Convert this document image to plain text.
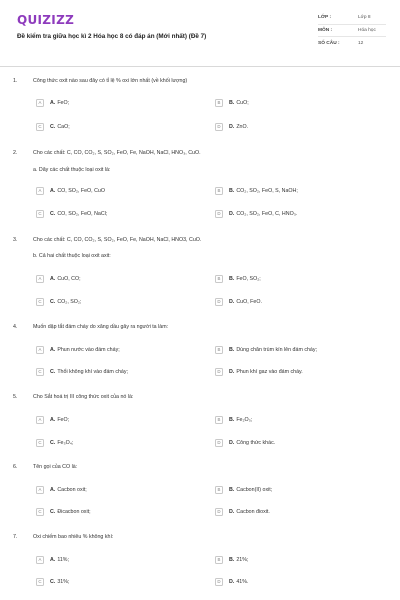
QUIZIZZ
Đề kiểm tra giữa học kì 2 Hóa học 8 có đáp án (Mới nhất) (Đề 7)
LỚP :	Lớp 8
MÔN :	Hóa học
SỐ CÂU :	12
1.	Công thức oxit nào sau đây có tỉ lệ % oxi lớn nhất (về khối lượng)
A	A. FeO;	B	B. CuO;
C	C. CaO;	D	D. ZnO.
2.	Cho các chất: C, CO, CO₂, S, SO₂, FeO, Fe, NaOH, NaCl, HNO₃, CuO.
a. Dãy các chất thuộc loại oxit là:
A	A. CO, SO₂, FeO, CuO	B	B. CO₂, SO₂, FeO, S, NaOH;
C	C. CO, SO₂, FeO, NaCl;	D	D. CO₂, SO₂, FeO, C, HNO₃.
3.	Cho các chất: C, CO, CO₂, S, SO₂, FeO, Fe, NaOH, NaCl, HNO3, CuO.
b. Cả hai chất thuộc loại oxit axit:
A	A. CuO, CO;	B	B. FeO, SO₂;
C	C. CO₂, SO₂;	D	D. CuO, FeO.
4.	Muốn dập tắt đám cháy do xăng dầu gây ra người ta làm:
A	A. Phun nước vào đám cháy;	B	B. Dùng chăn trùm kín lên đám cháy;
C	C. Thổi không khí vào đám cháy;	D	D. Phun khí gaz vào đám cháy.
5.	Cho Sắt hoá trị III công thức oxit của nó là:
A	A. FeO;	B	B. Fe₂O₃;
C	C. Fe₃O₄;	D	D. Công thức khác.
6.	Tên gọi của CO là:
A	A. Cacbon oxit;	B	B. Cacbon(II) oxit;
C	C. Đicacbon oxit;	D	D. Cacbon đioxit.
7.	Oxi chiếm bao nhiêu % không khí:
A	A. 11%;	B	B. 21%;
C	C. 31%;	D	D. 41%.
